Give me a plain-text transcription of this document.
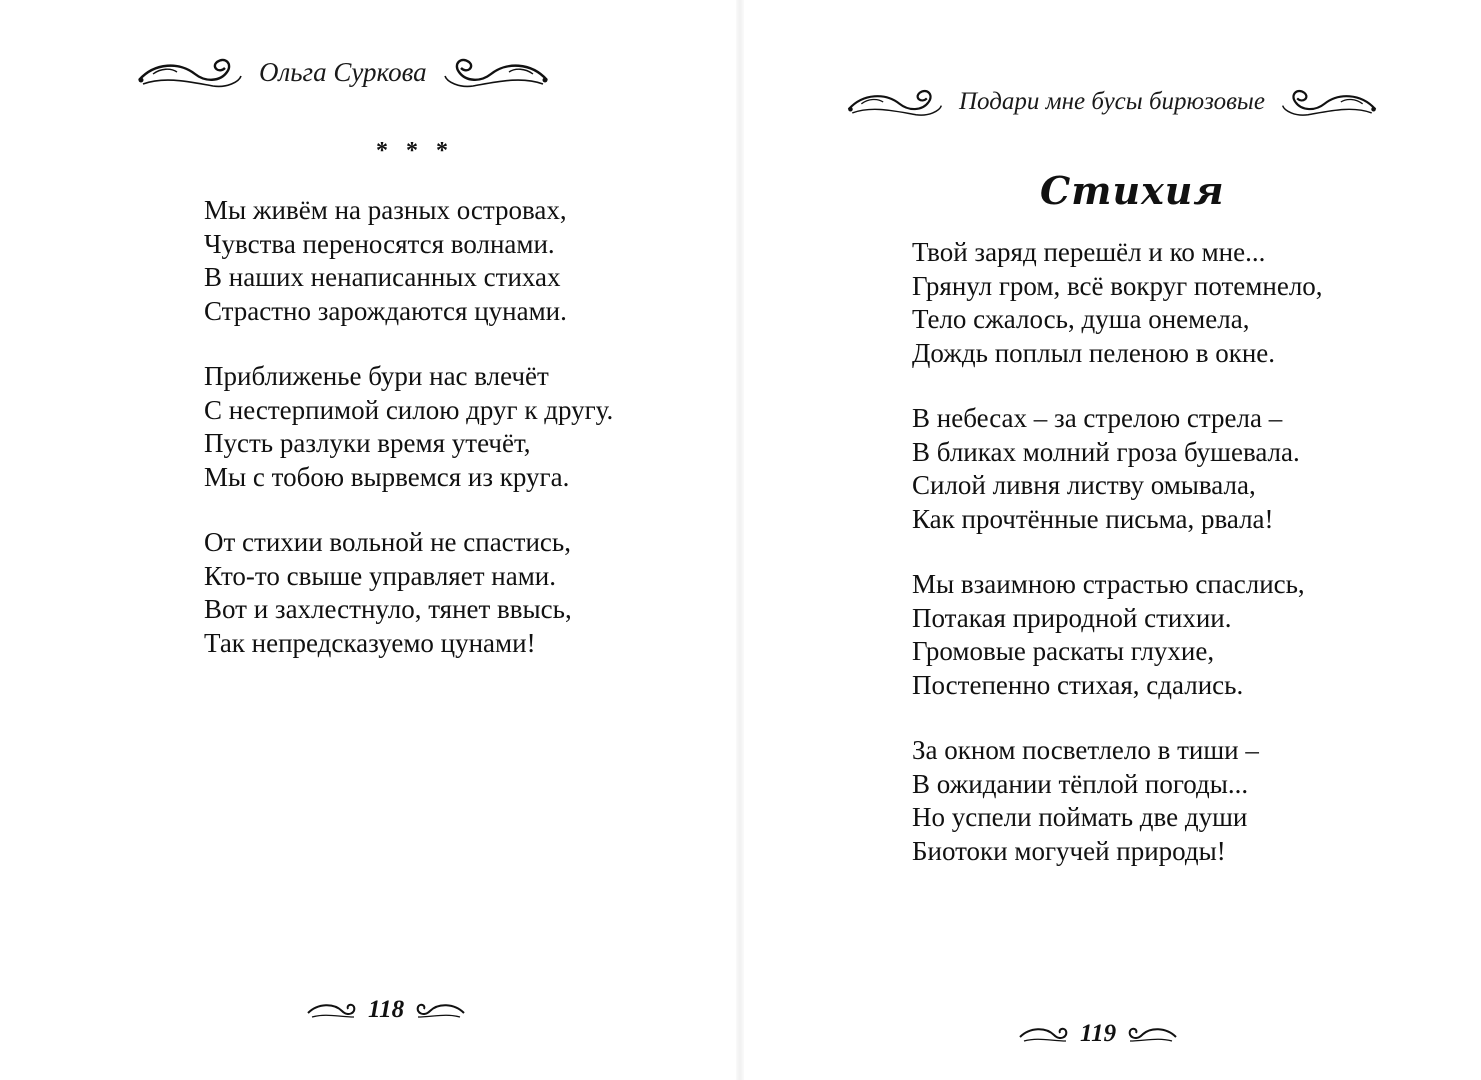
Ольга Суркова
Подари мне бусы бирюзовые
* * *
Мы живём на разных островах,
Чувства переносятся волнами.
В наших ненаписанных стихах
Страстно зарождаются цунами.
Приближенье бури нас влечёт
С нестерпимой силою друг к другу.
Пусть разлуки время утечёт,
Мы с тобою вырвемся из круга.
От стихии вольной не спастись,
Кто-то свыше управляет нами.
Вот и захлестнуло, тянет ввысь,
Так непредсказуемо цунами!
Стихия
Твой заряд перешёл и ко мне...
Грянул гром, всё вокруг потемнело,
Тело сжалось, душа онемела,
Дождь поплыл пеленою в окне.
В небесах – за стрелою стрела –
В бликах молний гроза бушевала.
Силой ливня листву омывала,
Как прочтённые письма, рвала!
Мы взаимною страстью спаслись,
Потакая природной стихии.
Громовые раскаты глухие,
Постепенно стихая, сдались.
За окном посветлело в тиши –
В ожидании тёплой погоды...
Но успели поймать две души
Биотоки могучей природы!
118
119
